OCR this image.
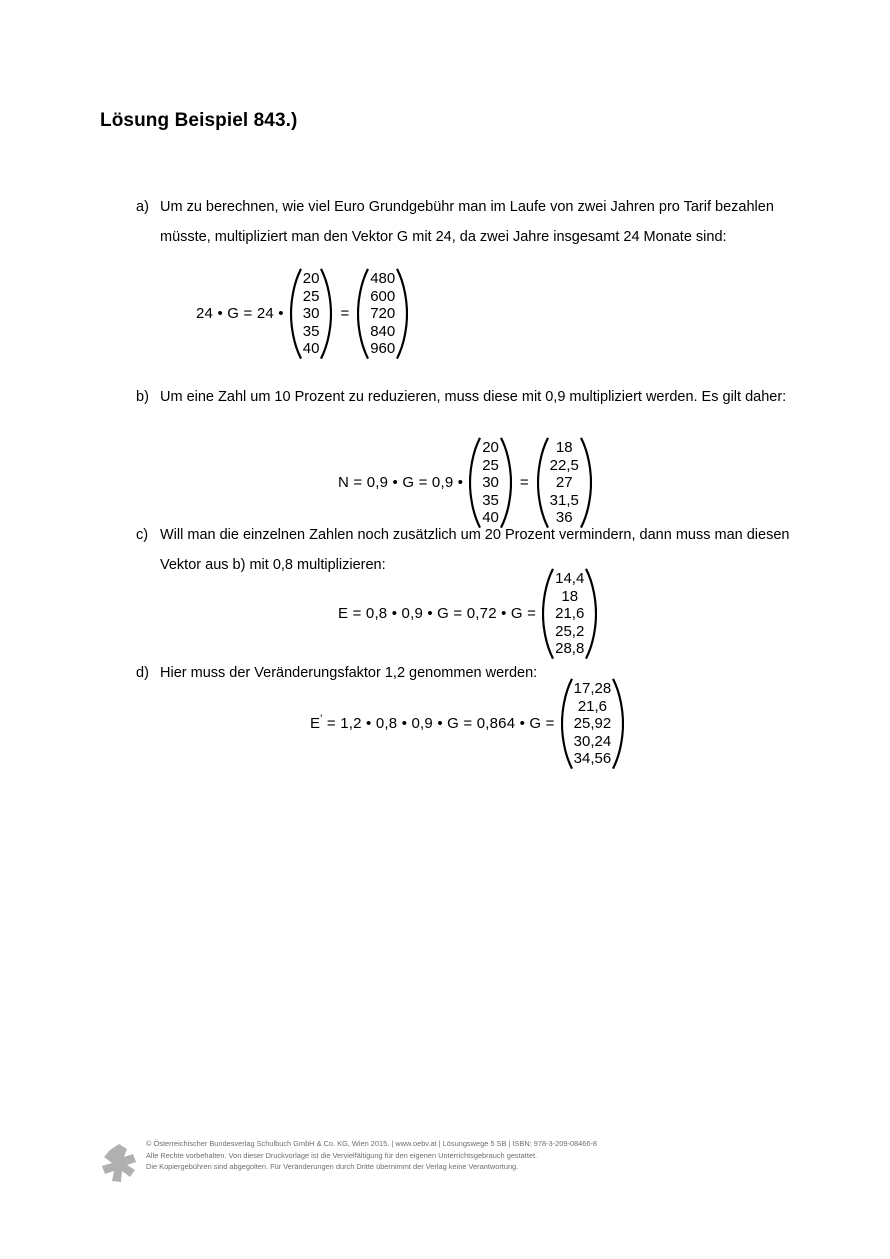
Lösung Beispiel 843.)
a) Um zu berechnen, wie viel Euro Grundgebühr man im Laufe von zwei Jahren pro Tarif bezahlen müsste, multipliziert man den Vektor G mit 24, da zwei Jahre insgesamt 24 Monate sind:
24 • G = 24 •
20
25
30
35
40
=
480
600
720
840
960
b) Um eine Zahl um 10 Prozent zu reduzieren, muss diese mit 0,9 multipliziert werden. Es gilt daher:
N = 0,9 • G = 0,9 •
20
25
30
35
40
=
18
22,5
27
31,5
36
c) Will man die einzelnen Zahlen noch zusätzlich um 20 Prozent vermindern, dann muss man diesen Vektor aus b) mit 0,8 multiplizieren:
E = 0,8 • 0,9 • G = 0,72 • G =
14,4
18
21,6
25,2
28,8
d) Hier muss der Veränderungsfaktor 1,2 genommen werden:
E' = 1,2 • 0,8 • 0,9 • G = 0,864 • G =
17,28
21,6
25,92
30,24
34,56
© Österreichischer Bundesverlag Schulbuch GmbH & Co. KG, Wien 2015. | www.oebv.at | Lösungswege 5 SB | ISBN: 978-3-209-08466-8
Alle Rechte vorbehalten. Von dieser Druckvorlage ist die Vervielfältigung für den eigenen Unterrichtsgebrauch gestattet.
Die Kopiergebühren sind abgegolten. Für Veränderungen durch Dritte übernimmt der Verlag keine Verantwortung.
